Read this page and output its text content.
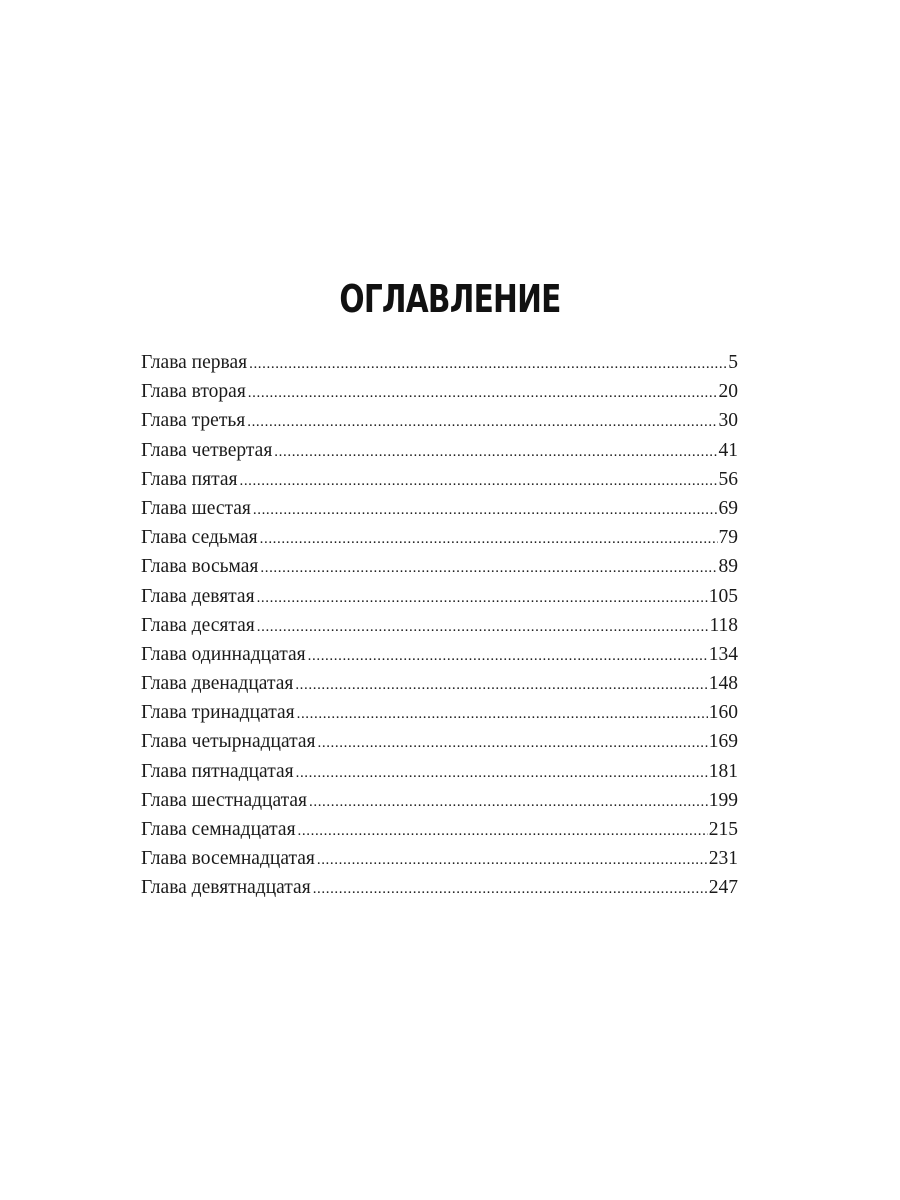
ОГЛАВЛЕНИЕ
Глава первая .....	5
Глава вторая .....	20
Глава третья .....	30
Глава четвертая .....	41
Глава пятая .....	56
Глава шестая .....	69
Глава седьмая .....	79
Глава восьмая .....	89
Глава девятая .....	105
Глава десятая .....	118
Глава одиннадцатая .....	134
Глава двенадцатая .....	148
Глава тринадцатая .....	160
Глава четырнадцатая .....	169
Глава пятнадцатая .....	181
Глава шестнадцатая .....	199
Глава семнадцатая .....	215
Глава восемнадцатая .....	231
Глава девятнадцатая .....	247
